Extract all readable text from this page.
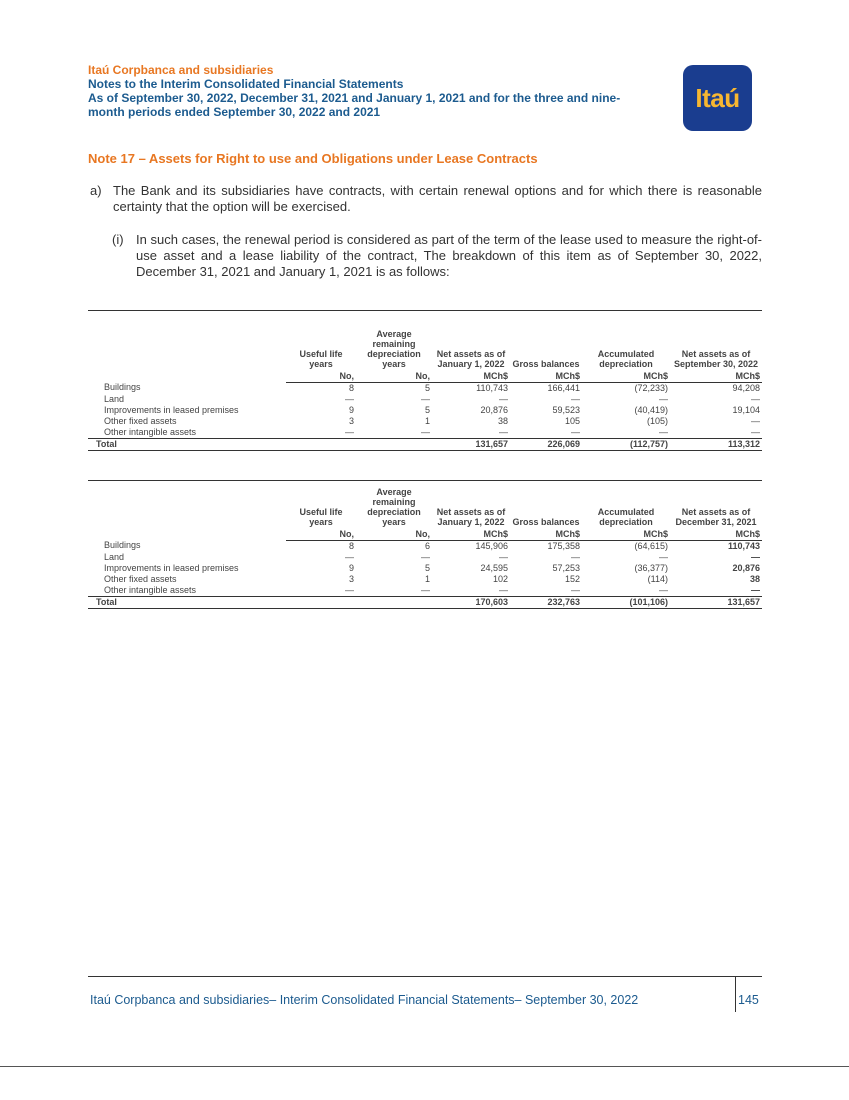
Itaú Corpbanca and subsidiaries
Notes to the Interim Consolidated Financial Statements
As of September 30, 2022, December 31, 2021 and January 1, 2021 and for the three and nine-
month periods ended September 30, 2022 and 2021	Itaú
Note 17 – Assets for Right to use and Obligations under Lease Contracts
a) The Bank and its subsidiaries have contracts, with certain renewal options and for which there is reasonable certainty that the option will be exercised.
(i) In such cases, the renewal period is considered as part of the term of the lease used to measure the right-of-use asset and a lease liability of the contract, The breakdown of this item as of September 30, 2022, December 31, 2021 and January 1, 2021 is as follows:
	Useful life years	Average remaining depreciation years	Net assets as of January 1, 2022	Gross balances	Accumulated depreciation	Net assets as of September 30, 2022
	No,	No,	MCh$	MCh$	MCh$	MCh$
Buildings	8	5	110,743	166,441	(72,233)	94,208
Land	—	—	—	—	—	—
Improvements in leased premises	9	5	20,876	59,523	(40,419)	19,104
Other fixed assets	3	1	38	105	(105)	—
Other intangible assets	—	—	—	—	—	—
Total			131,657	226,069	(112,757)	113,312
	Useful life years	Average remaining depreciation years	Net assets as of January 1, 2022	Gross balances	Accumulated depreciation	Net assets as of December 31, 2021
	No,	No,	MCh$	MCh$	MCh$	MCh$
Buildings	8	6	145,906	175,358	(64,615)	110,743
Land	—	—	—	—	—	—
Improvements in leased premises	9	5	24,595	57,253	(36,377)	20,876
Other fixed assets	3	1	102	152	(114)	38
Other intangible assets	—	—	—	—	—	—
Total			170,603	232,763	(101,106)	131,657
Itaú Corpbanca and subsidiaries– Interim Consolidated Financial Statements– September 30, 2022	145
